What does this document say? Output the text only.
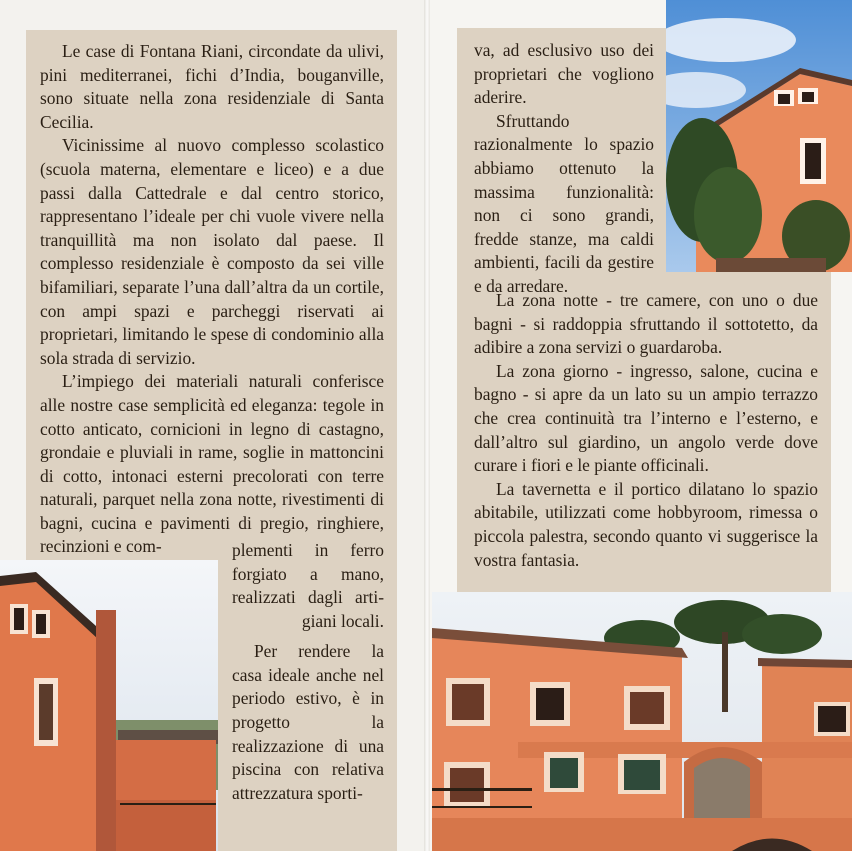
Le case di Fontana Riani, circondate da ulivi, pini mediterranei, fichi d’India, bouganville, sono situate nella zona residenziale di Santa Cecilia.

Vicinissime al nuovo complesso scolastico (scuola materna, elementare e liceo) e a due passi dalla Cattedrale e dal centro storico, rappresentano l’ideale per chi vuole vivere nella tranquillità ma non isolato dal paese. Il complesso residenziale è composto da sei ville bifamiliari, separate l’una dall’altra da un cortile, con ampi spazi e parcheggi riservati ai proprietari, limitando le spese di condominio alla sola strada di servizio.

L’impiego dei materiali naturali conferisce alle nostre case semplicità ed eleganza: tegole in cotto anticato, cornicioni in legno di castagno, grondaie e pluviali in rame, soglie in mattoncini di cotto, intonaci esterni precolorati con terre naturali, parquet nella zona notte, rivestimenti di bagni, cucina e pavimenti di pregio, ringhiere, recinzioni e com-	plementi in ferro
forgiato a mano,
realizzati dagli arti-
giani locali.

Per rendere la casa ideale anche nel periodo estivo, è in progetto la realizzazione di una piscina con relativa attrezzatura sporti-

va, ad esclusivo uso dei proprietari che vogliono aderire.

Sfruttando razionalmente lo spazio abbiamo ottenuto la massima funzionalità: non ci sono grandi, fredde stanze, ma caldi ambienti, facili da gestire e da arredare.

La zona notte - tre camere, con uno o due bagni - si raddoppia sfruttando il sottotetto, da adibire a zona servizi o guardaroba.

La zona giorno - ingresso, salone, cucina e bagno - si apre da un lato su un ampio terrazzo che crea continuità tra l’interno e l’esterno, e dall’altro sul giardino, un angolo verde dove curare i fiori e le piante officinali.

La tavernetta e il portico dilatano lo spazio abitabile, utilizzati come hobbyroom, rimessa o piccola palestra, secondo quanto vi suggerisce la vostra fantasia.
